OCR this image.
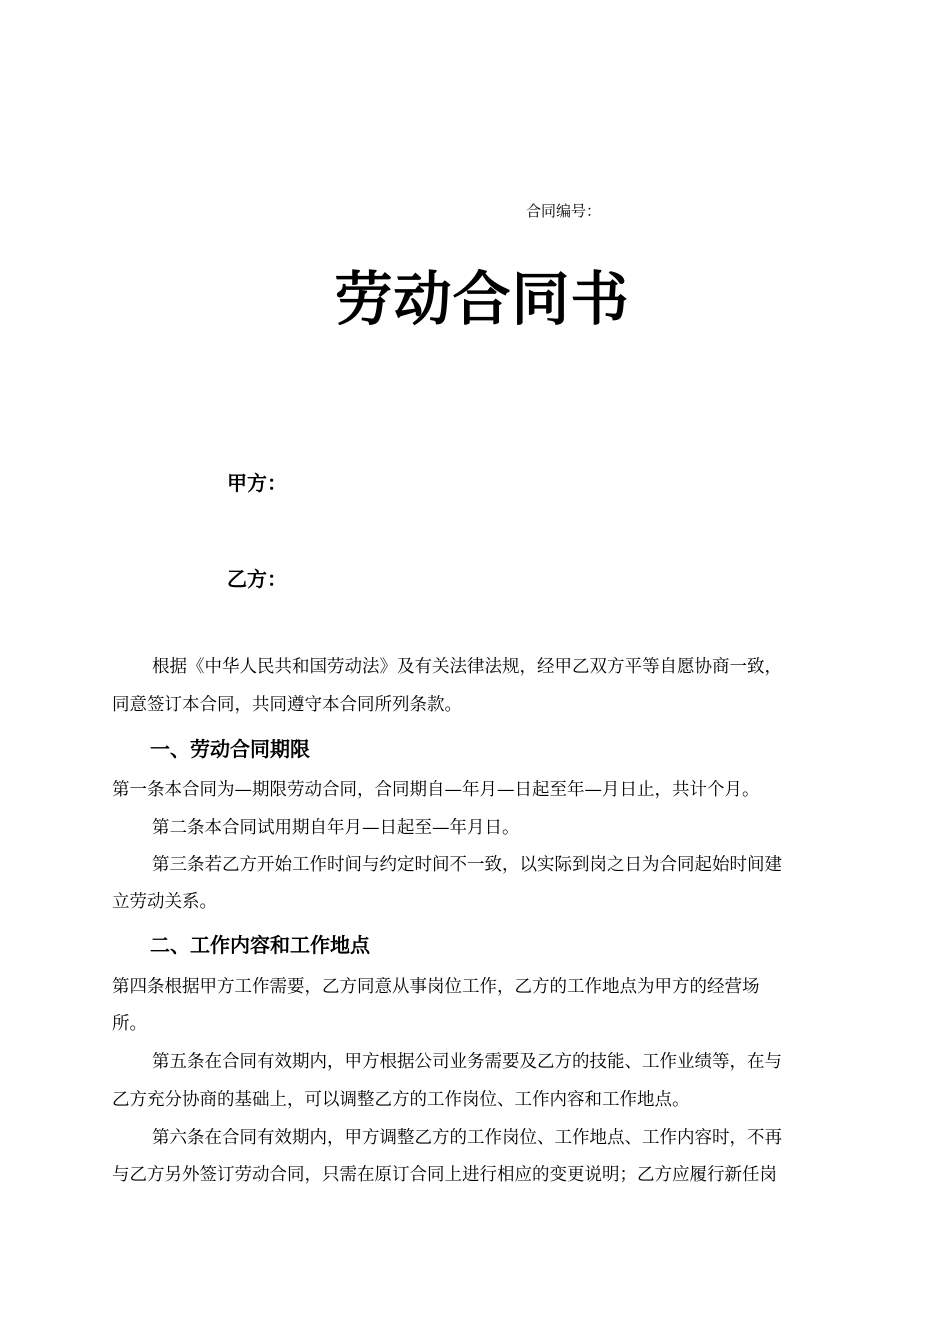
合同编号：
劳动合同书
甲方：
乙方：
根据《中华人民共和国劳动法》及有关法律法规，经甲乙双方平等自愿协商一致，
同意签订本合同，共同遵守本合同所列条款。
一、劳动合同期限
第一条本合同为—期限劳动合同，合同期自—年月—日起至年—月日止，共计个月。
第二条本合同试用期自年月—日起至—年月日。
第三条若乙方开始工作时间与约定时间不一致，以实际到岗之日为合同起始时间建
立劳动关系。
二、工作内容和工作地点
第四条根据甲方工作需要，乙方同意从事岗位工作，乙方的工作地点为甲方的经营场
所。
第五条在合同有效期内，甲方根据公司业务需要及乙方的技能、工作业绩等，在与
乙方充分协商的基础上，可以调整乙方的工作岗位、工作内容和工作地点。
第六条在合同有效期内，甲方调整乙方的工作岗位、工作地点、工作内容时，不再
与乙方另外签订劳动合同，只需在原订合同上进行相应的变更说明；乙方应履行新任岗
